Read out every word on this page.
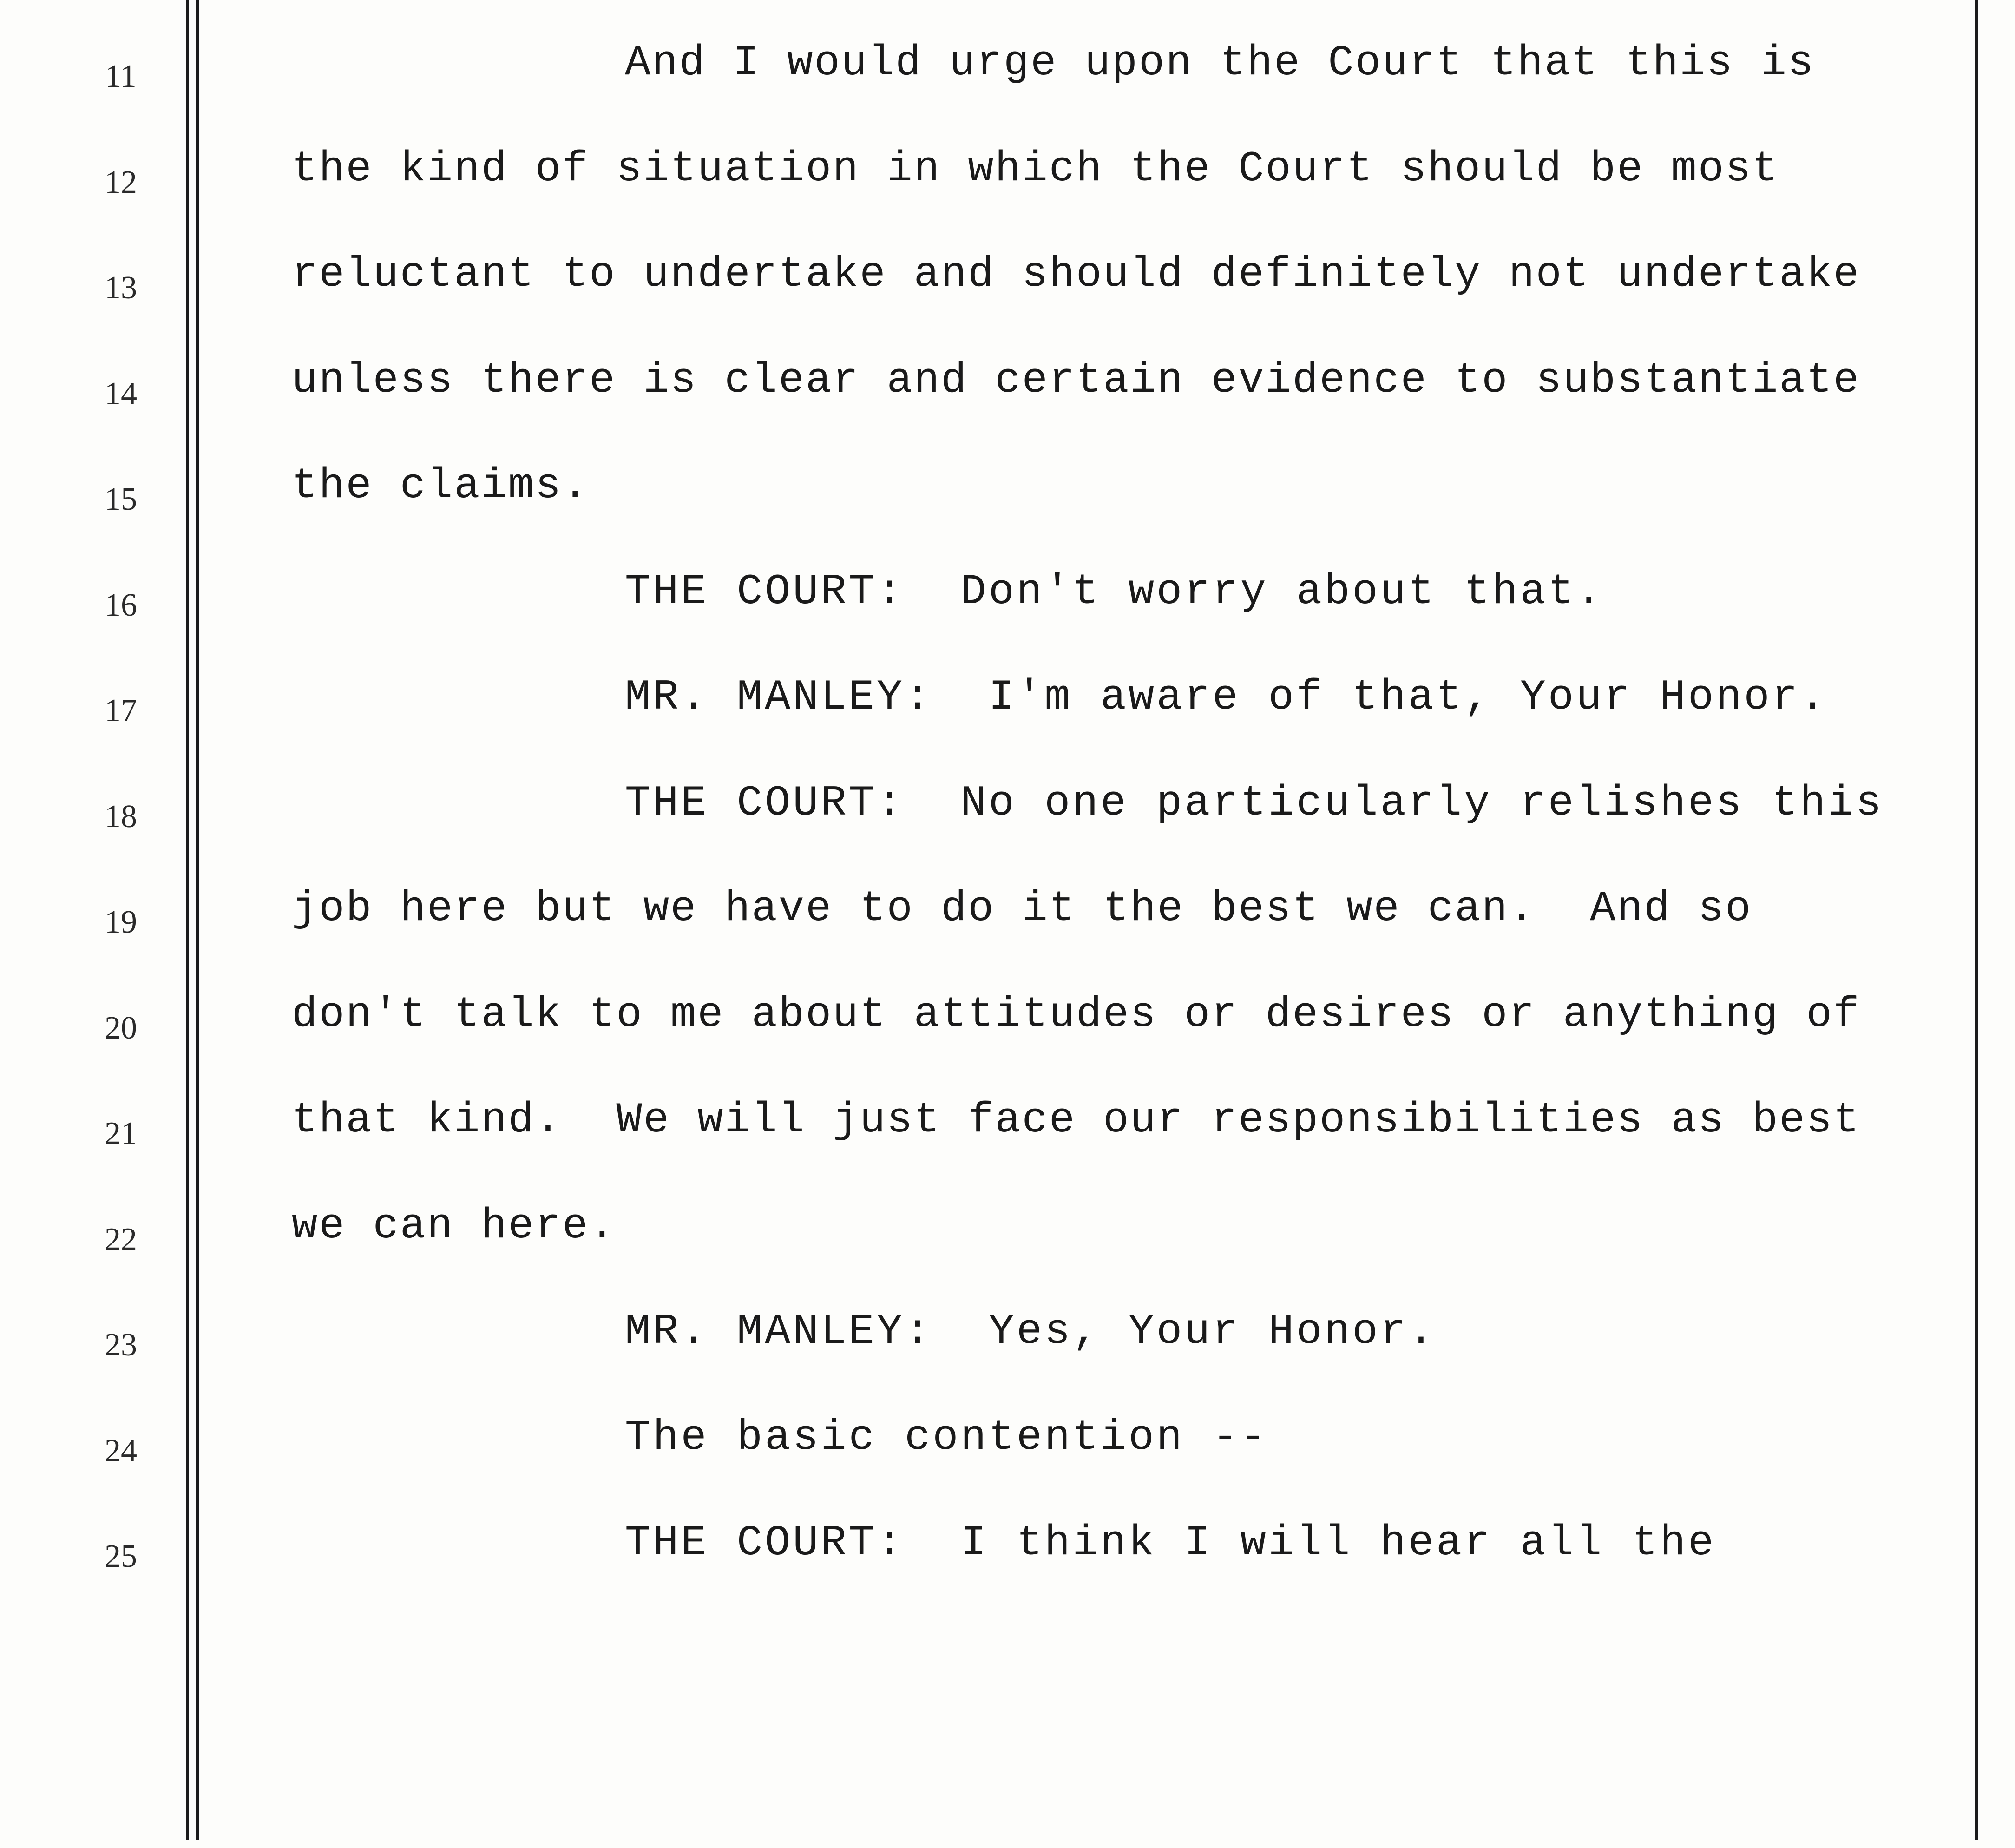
11
12
13
14
15
16
17
18
19
20
21
22
23
24
25
And I would urge upon the Court that this is
the kind of situation in which the Court should be most
reluctant to undertake and should definitely not undertake
unless there is clear and certain evidence to substantiate
the claims.
THE COURT:  Don't worry about that.
MR. MANLEY:  I'm aware of that, Your Honor.
THE COURT:  No one particularly relishes this
job here but we have to do it the best we can.  And so
don't talk to me about attitudes or desires or anything of
that kind.  We will just face our responsibilities as best
we can here.
MR. MANLEY:  Yes, Your Honor.
The basic contention --
THE COURT:  I think I will hear all the
